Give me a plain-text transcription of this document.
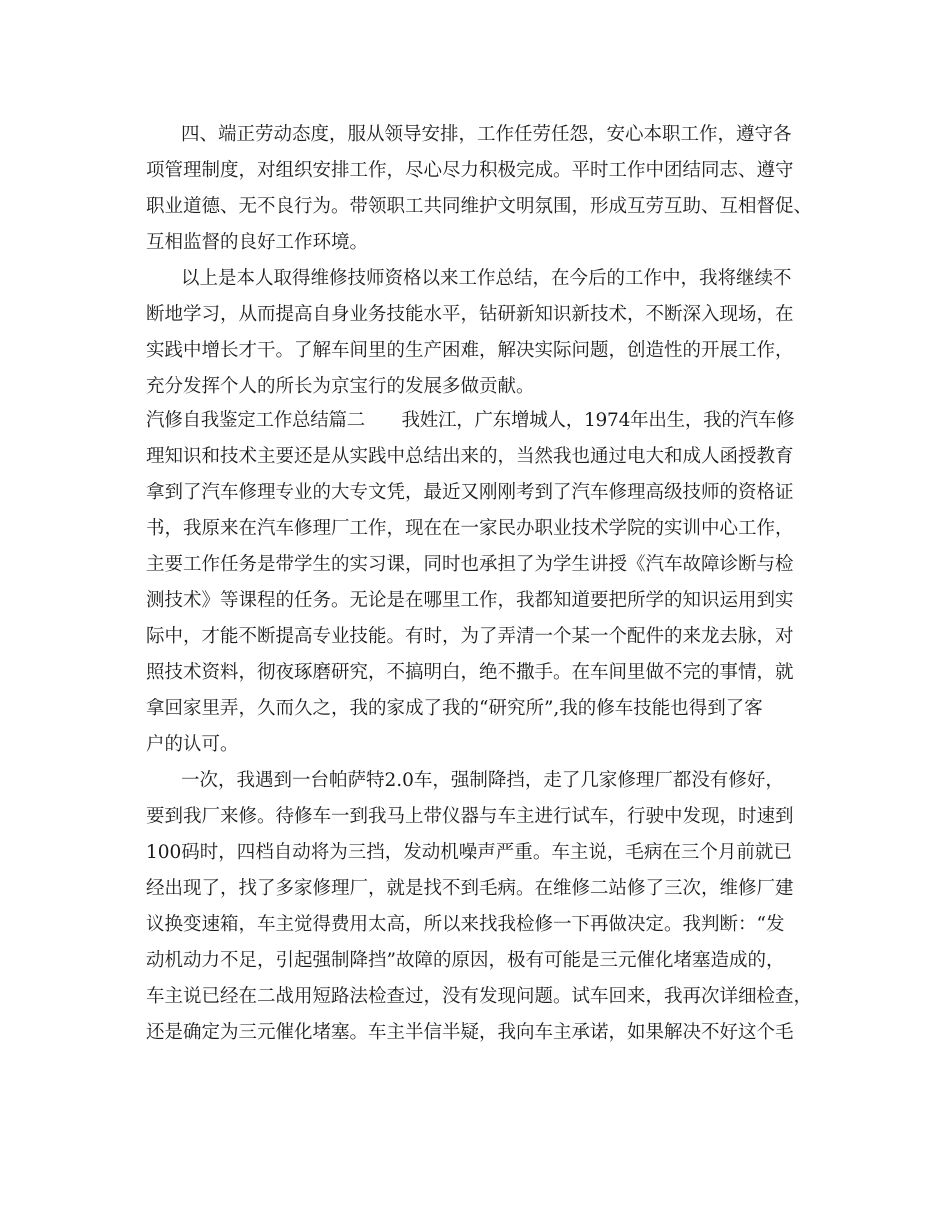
四、端正劳动态度，服从领导安排，工作任劳任怨，安心本职工作，遵守各
项管理制度，对组织安排工作，尽心尽力积极完成。平时工作中团结同志、遵守
职业道德、无不良行为。带领职工共同维护文明氛围，形成互劳互助、互相督促、
互相监督的良好工作环境。
以上是本人取得维修技师资格以来工作总结，在今后的工作中，我将继续不
断地学习，从而提高自身业务技能水平，钻研新知识新技术，不断深入现场，在
实践中增长才干。了解车间里的生产困难，解决实际问题，创造性的开展工作，
充分发挥个人的所长为京宝行的发展多做贡献。
汽修自我鉴定工作总结篇二　　我姓江，广东增城人，1974年出生，我的汽车修
理知识和技术主要还是从实践中总结出来的，当然我也通过电大和成人函授教育
拿到了汽车修理专业的大专文凭，最近又刚刚考到了汽车修理高级技师的资格证
书，我原来在汽车修理厂工作，现在在一家民办职业技术学院的实训中心工作，
主要工作任务是带学生的实习课，同时也承担了为学生讲授《汽车故障诊断与检
测技术》等课程的任务。无论是在哪里工作，我都知道要把所学的知识运用到实
际中，才能不断提高专业技能。有时，为了弄清一个某一个配件的来龙去脉，对
照技术资料，彻夜琢磨研究，不搞明白，绝不撒手。在车间里做不完的事情，就
拿回家里弄，久而久之，我的家成了我的“研究所”,我的修车技能也得到了客
户的认可。
一次，我遇到一台帕萨特2.0车，强制降挡，走了几家修理厂都没有修好，
要到我厂来修。待修车一到我马上带仪器与车主进行试车，行驶中发现，时速到
100码时，四档自动将为三挡，发动机噪声严重。车主说，毛病在三个月前就已
经出现了，找了多家修理厂，就是找不到毛病。在维修二站修了三次，维修厂建
议换变速箱，车主觉得费用太高，所以来找我检修一下再做决定。我判断：“发
动机动力不足，引起强制降挡”故障的原因，极有可能是三元催化堵塞造成的，
车主说已经在二战用短路法检查过，没有发现问题。试车回来，我再次详细检查，
还是确定为三元催化堵塞。车主半信半疑，我向车主承诺，如果解决不好这个毛
